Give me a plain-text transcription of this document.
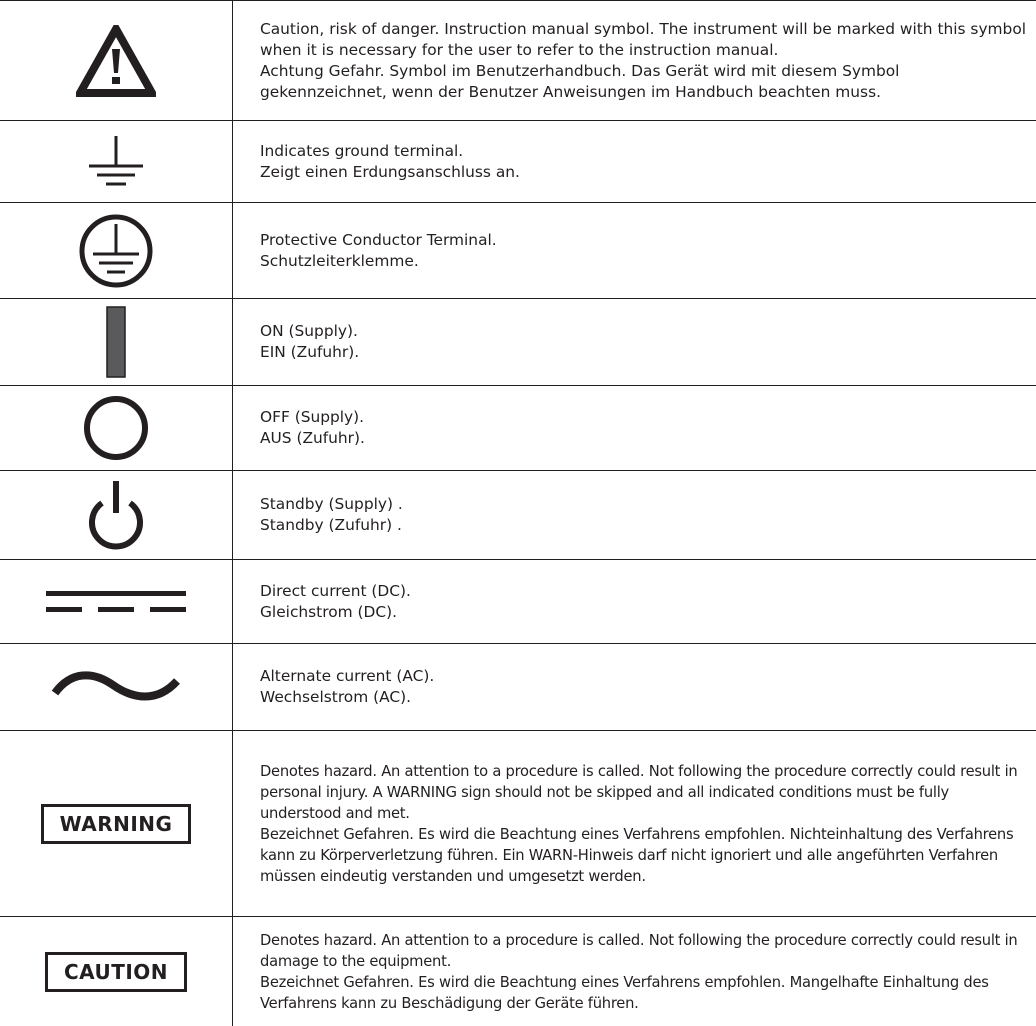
Caution, risk of danger. Instruction manual symbol. The instrument will be marked with this symbol when it is necessary for the user to refer to the instruction manual.
Achtung Gefahr. Symbol im Benutzerhandbuch. Das Gerät wird mit diesem Symbol gekennzeichnet, wenn der Benutzer Anweisungen im Handbuch beachten muss.
Indicates ground terminal.
Zeigt einen Erdungsanschluss an.
Protective Conductor Terminal.
Schutzleiterklemme.
ON (Supply).
EIN (Zufuhr).
OFF (Supply).
AUS (Zufuhr).
Standby (Supply) .
Standby (Zufuhr) .
Direct current (DC).
Gleichstrom (DC).
Alternate current (AC).
Wechselstrom (AC).
WARNING
Denotes hazard. An attention to a procedure is called. Not following the procedure correctly could result in personal injury. A WARNING sign should not be skipped and all indicated conditions must be fully understood and met.
Bezeichnet Gefahren. Es wird die Beachtung eines Verfahrens empfohlen. Nichteinhaltung des Verfahrens kann zu Körperverletzung führen. Ein WARN-Hinweis darf nicht ignoriert und alle angeführten Verfahren müssen eindeutig verstanden und umgesetzt werden.
CAUTION
Denotes hazard. An attention to a procedure is called. Not following the procedure correctly could result in damage to the equipment.
Bezeichnet Gefahren. Es wird die Beachtung eines Verfahrens empfohlen. Mangelhafte Einhaltung des Verfahrens kann zu Beschädigung der Geräte führen.
